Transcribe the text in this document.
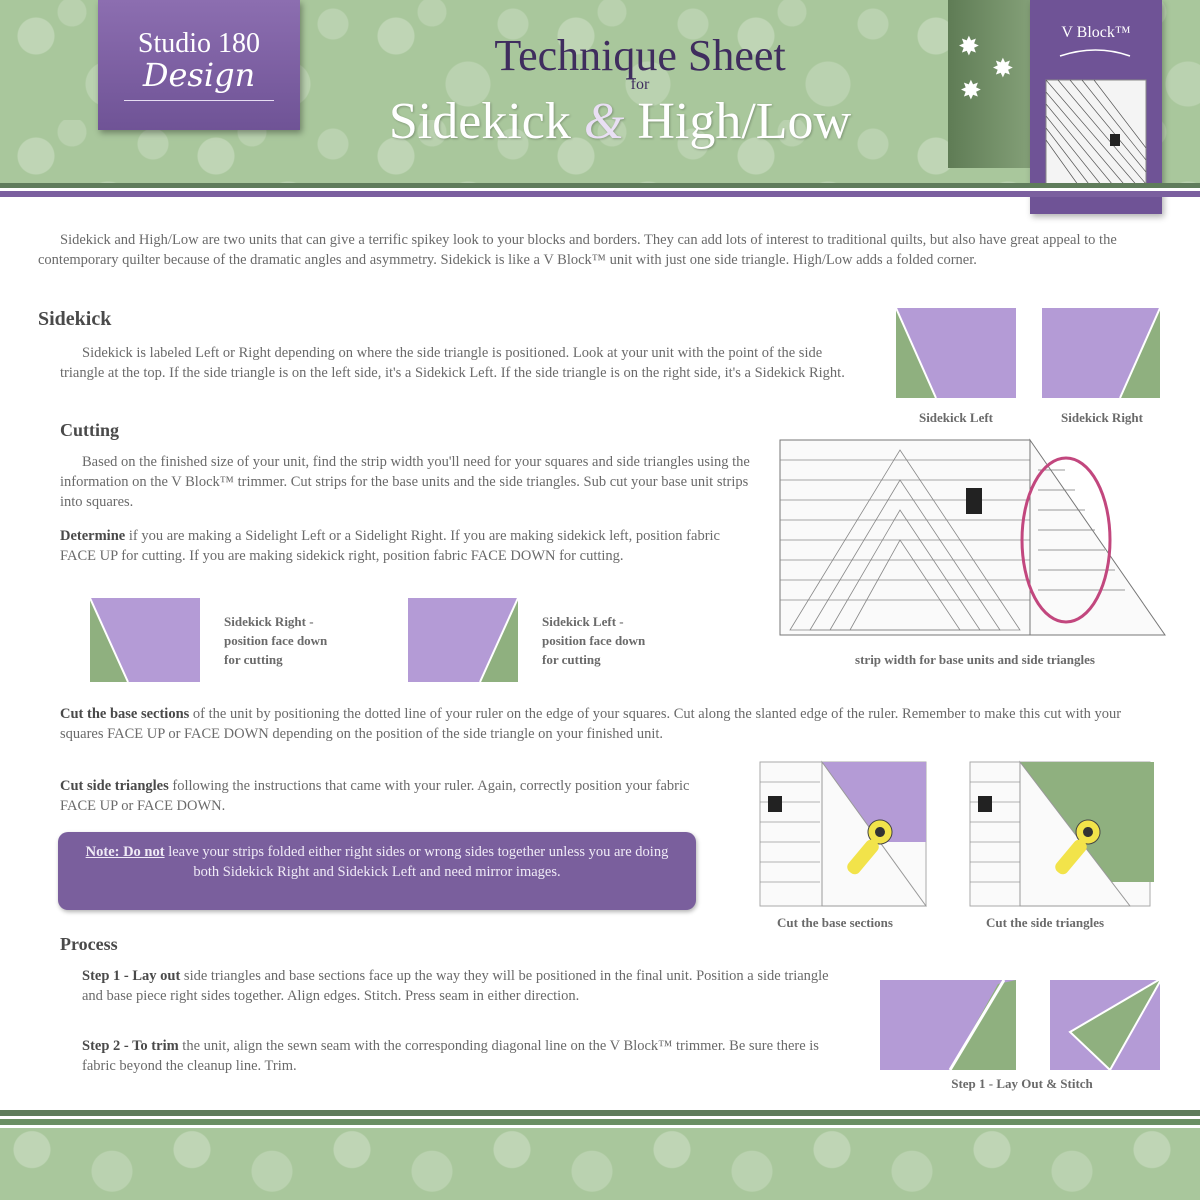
Studio 180
Design	Technique Sheet
for
Sidekick & High/Low
✸
✸
✸
V Block™
Sidekick and High/Low are two units that can give a terrific spikey look to your blocks and borders. They can add lots of interest to traditional quilts, but also have great appeal to the contemporary quilter because of the dramatic angles and asymmetry. Sidekick is like a V Block™ unit with just one side triangle. High/Low adds a folded corner.
Sidekick
Sidekick is labeled Left or Right depending on where the side triangle is positioned. Look at your unit with the point of the side triangle at the top. If the side triangle is on the left side, it's a Sidekick Left. If the side triangle is on the right side, it's a Sidekick Right.
Sidekick Left	Sidekick Right
Cutting
Based on the finished size of your unit, find the strip width you'll need for your squares and side triangles using the information on the V Block™ trimmer. Cut strips for the base units and the side triangles. Sub cut your base unit strips into squares.
Determine if you are making a Sidelight Left or a Sidelight Right. If you are making sidekick left, position fabric FACE UP for cutting. If you are making sidekick right, position fabric FACE DOWN for cutting.
strip width for base units and side triangles
Sidekick Right -
position face down
for cutting
Sidekick Left -
position face down
for cutting
Cut the base sections of the unit by positioning the dotted line of your ruler on the edge of your squares. Cut along the slanted edge of the ruler. Remember to make this cut with your squares FACE UP or FACE DOWN depending on the position of the side triangle on your finished unit.
Cut side triangles following the instructions that came with your ruler. Again, correctly position your fabric FACE UP or FACE DOWN.
Cut the base sections	Cut the side triangles
Note: Do not leave your strips folded either right sides or wrong sides together unless you are doing both Sidekick Right and Sidekick Left and need mirror images.
Process
Step 1 - Lay out side triangles and base sections face up the way they will be positioned in the final unit. Position a side triangle and base piece right sides together. Align edges. Stitch. Press seam in either direction.
Step 2 - To trim the unit, align the sewn seam with the corresponding diagonal line on the V Block™ trimmer. Be sure there is fabric beyond the cleanup line. Trim.
Step 1 - Lay Out & Stitch
